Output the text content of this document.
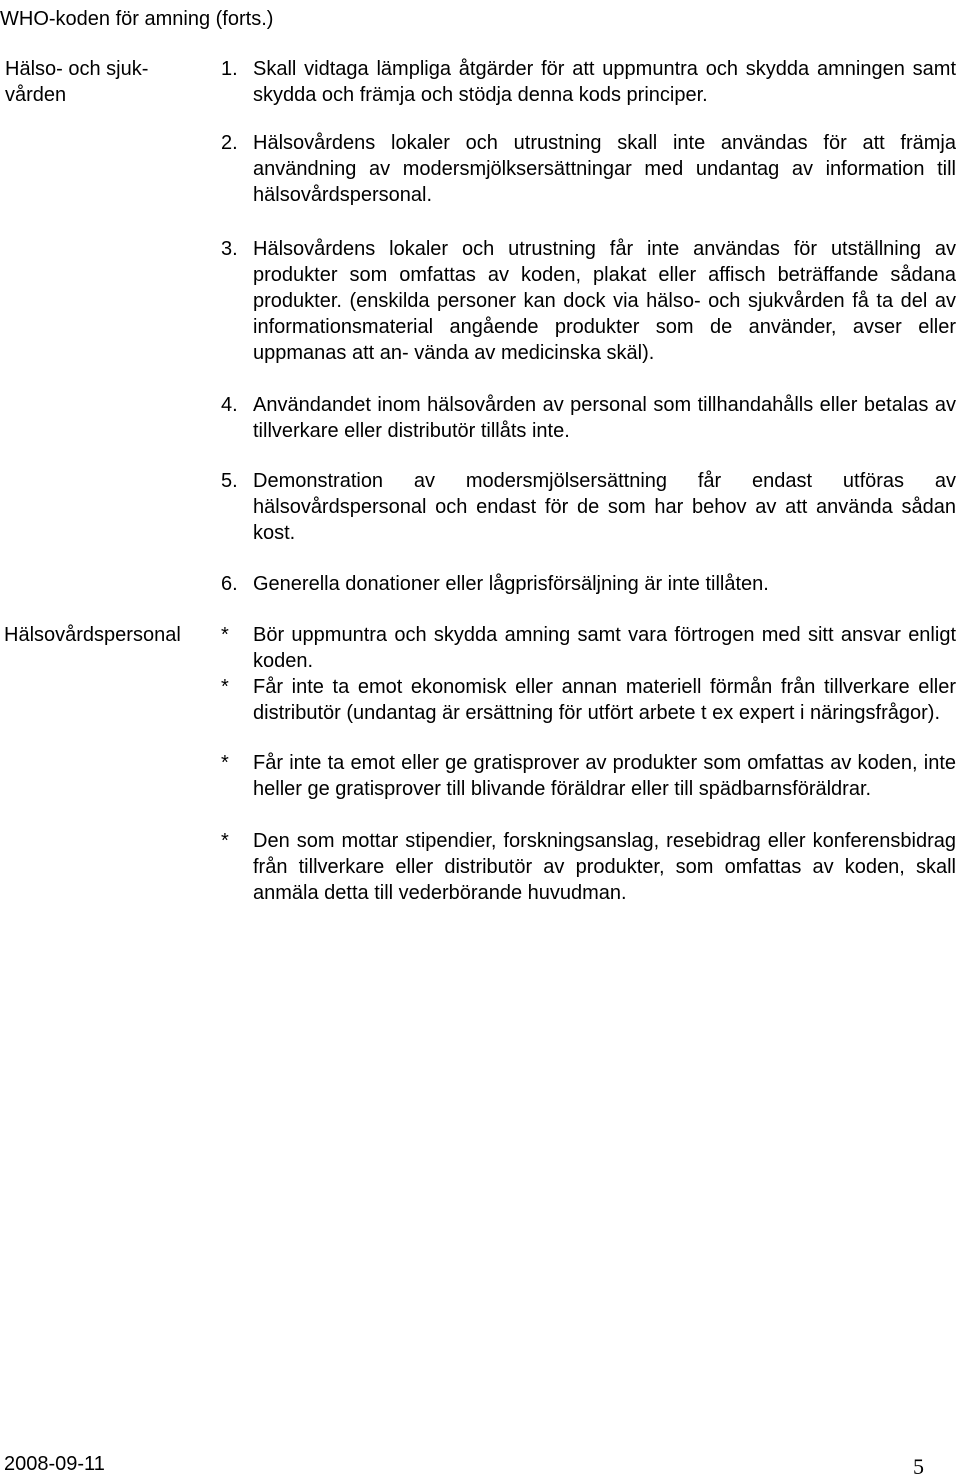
WHO-koden för amning (forts.)
Hälso- och sjuk-vården
1. Skall vidtaga lämpliga åtgärder för att uppmuntra och skydda amningen samt skydda och främja och stödja denna kods principer.
2. Hälsovårdens lokaler och utrustning skall inte användas för att främja användning av modersmjölksersättningar med undantag av information till hälsovårdspersonal.
3. Hälsovårdens lokaler och utrustning får inte användas för utställning av produkter som omfattas av koden, plakat eller affisch beträffande sådana produkter. (enskilda personer kan dock via hälso- och sjukvården få ta del av informationsmaterial angående produkter som de använder, avser eller uppmanas att an- vända av medicinska skäl).
4. Användandet inom hälsovården av personal som tillhandahålls eller betalas av tillverkare eller distributör tillåts inte.
5. Demonstration av modersmjölsersättning får endast utföras av hälsovårdspersonal och endast för de som har behov av att använda sådan kost.
6. Generella donationer eller lågprisförsäljning är inte tillåten.
Hälsovårdspersonal	* Bör uppmuntra och skydda amning samt vara förtrogen med sitt ansvar enligt koden.
* Får inte ta emot ekonomisk eller annan materiell förmån från tillverkare eller distributör (undantag är ersättning för utfört arbete t ex expert i näringsfrågor).
* Får inte ta emot eller ge gratisprover av produkter som omfattas av koden, inte heller ge gratisprover till blivande föräldrar eller till spädbarnsföräldrar.
* Den som mottar stipendier, forskningsanslag, resebidrag eller konferensbidrag från tillverkare eller distributör av produkter, som omfattas av koden, skall anmäla detta till vederbörande huvudman.
2008-09-11	5
